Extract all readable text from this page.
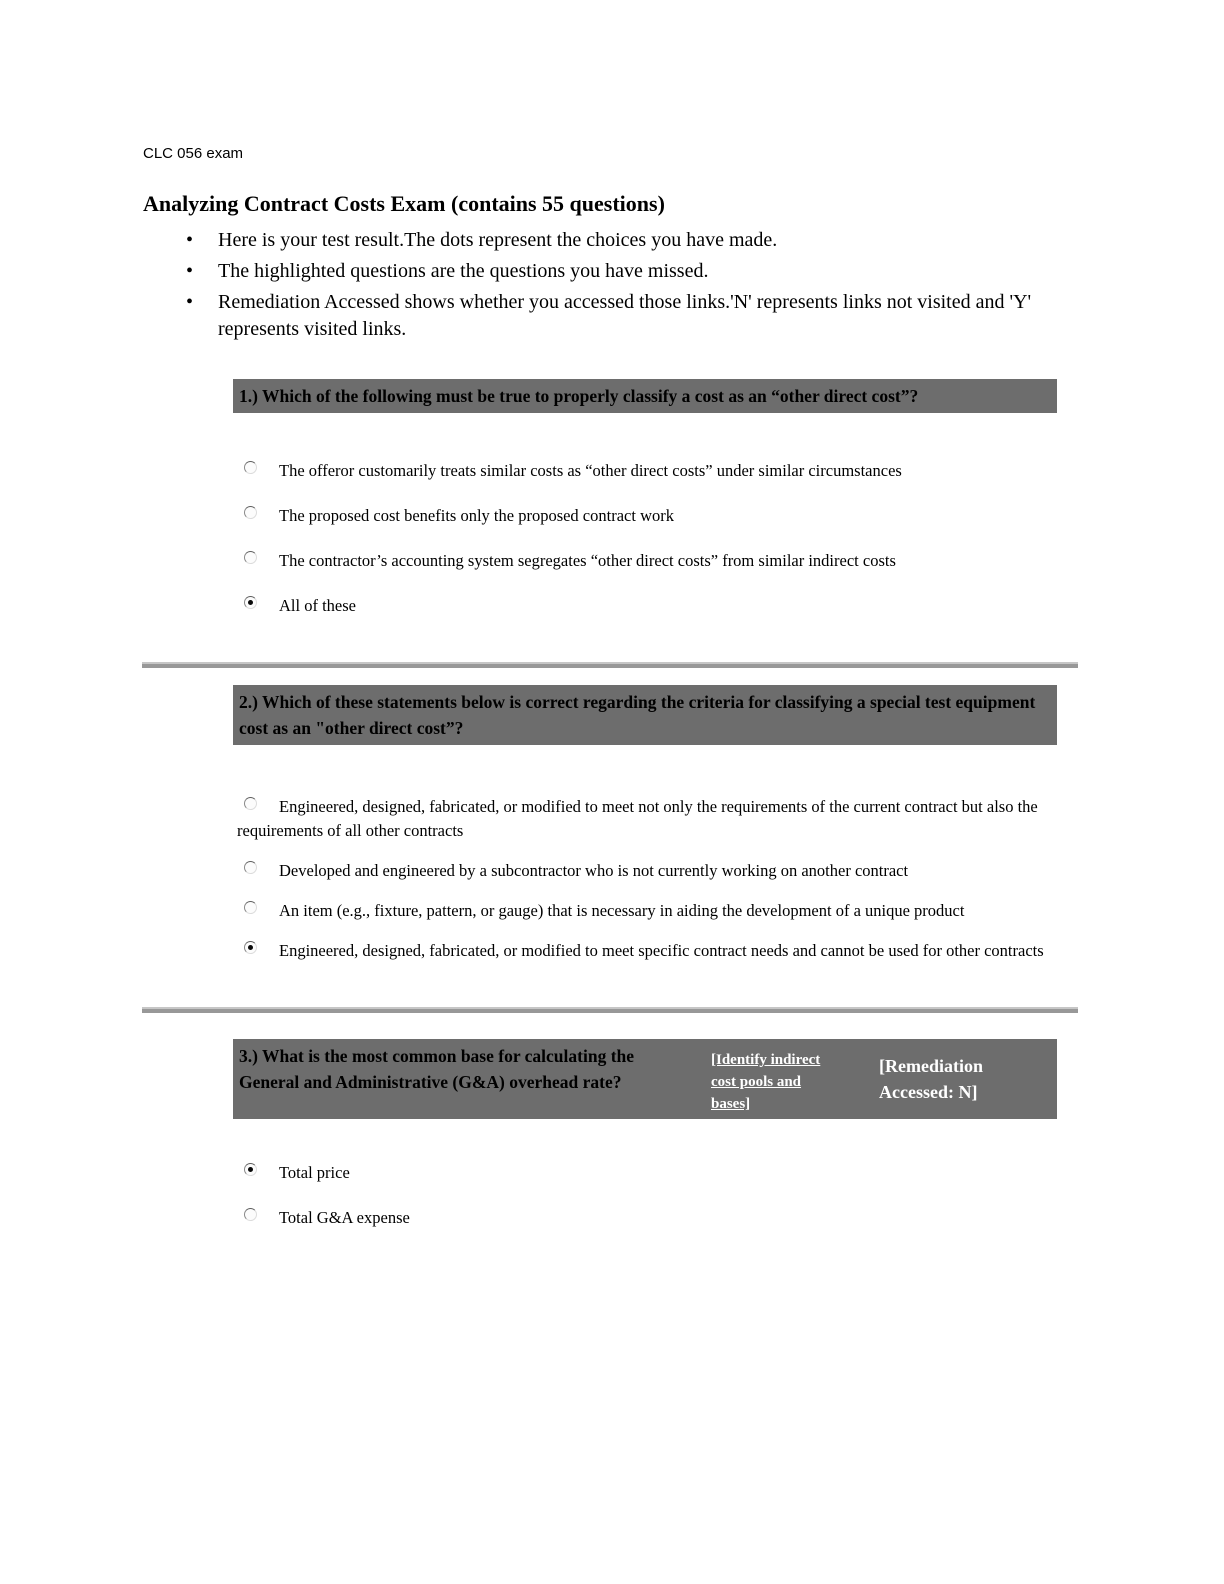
CLC 056 exam
Analyzing Contract Costs Exam (contains 55 questions)
• Here is your test result.The dots represent the choices you have made.
• The highlighted questions are the questions you have missed.
• Remediation Accessed shows whether you accessed those links.'N' represents links not visited and 'Y' represents visited links.
1.) Which of the following must be true to properly classify a cost as an “other direct cost”?
The offeror customarily treats similar costs as “other direct costs” under similar circumstances
The proposed cost benefits only the proposed contract work
The contractor’s accounting system segregates “other direct costs” from similar indirect costs
All of these
2.) Which of these statements below is correct regarding the criteria for classifying a special test equipment cost as an "other direct cost”?
Engineered, designed, fabricated, or modified to meet not only the requirements of the current contract but also the requirements of all other contracts
Developed and engineered by a subcontractor who is not currently working on another contract
An item (e.g., fixture, pattern, or gauge) that is necessary in aiding the development of a unique product
Engineered, designed, fabricated, or modified to meet specific contract needs and cannot be used for other contracts
3.) What is the most common base for calculating the General and Administrative (G&A) overhead rate?
[Identify indirect cost pools and bases]
[Remediation Accessed: N]
Total price
Total G&A expense
